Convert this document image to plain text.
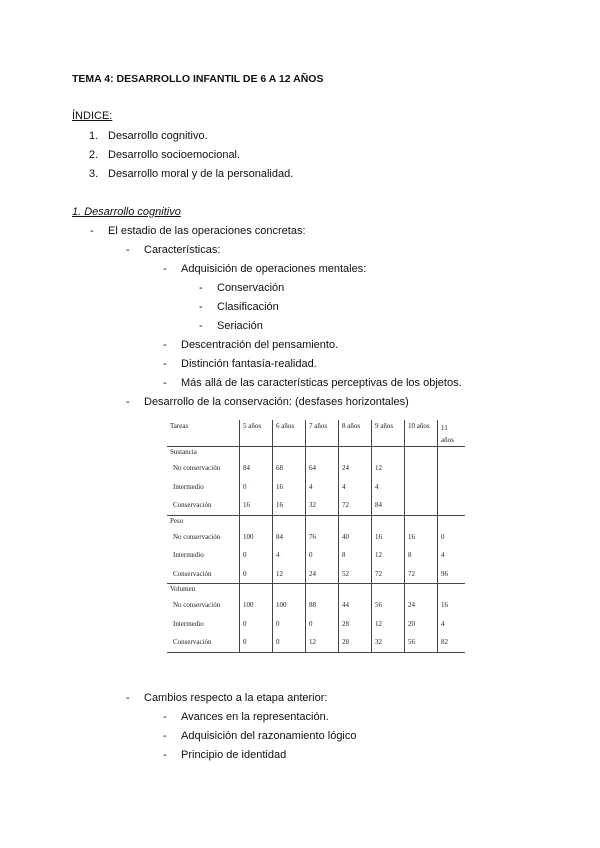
TEMA 4: DESARROLLO INFANTIL DE 6 A 12 AÑOS
ÍNDICE:
1. Desarrollo cognitivo.
2. Desarrollo socioemocional.
3. Desarrollo moral y de la personalidad.
1. Desarrollo cognitivo
- El estadio de las operaciones concretas:
- Características:
- Adquisición de operaciones mentales:
- Conservación
- Clasificación
- Seriación
- Descentración del pensamiento.
- Distinción fantasía-realidad.
- Más allá de las características perceptivas de los objetos.
- Desarrollo de la conservación: (desfases horizontales)
Tareas	5 años	6 años	7 años	8 años	9 años	10 años	11 años
Sustancia							
No conservación	84	68	64	24	12		
Intermedio	0	16	4	4	4		
Conservación	16	16	32	72	84		
Peso							
No conservación	100	84	76	40	16	16	0
Intermedio	0	4	0	8	12	8	4
Conservación	0	12	24	52	72	72	96
Volumen							
No conservación	100	100	88	44	56	24	16
Intermedio	0	0	0	28	12	20	4
Conservación	0	0	12	28	32	56	82
- Cambios respecto a la etapa anterior:
- Avances en la representación.
- Adquisición del razonamiento lógico
- Principio de identidad
